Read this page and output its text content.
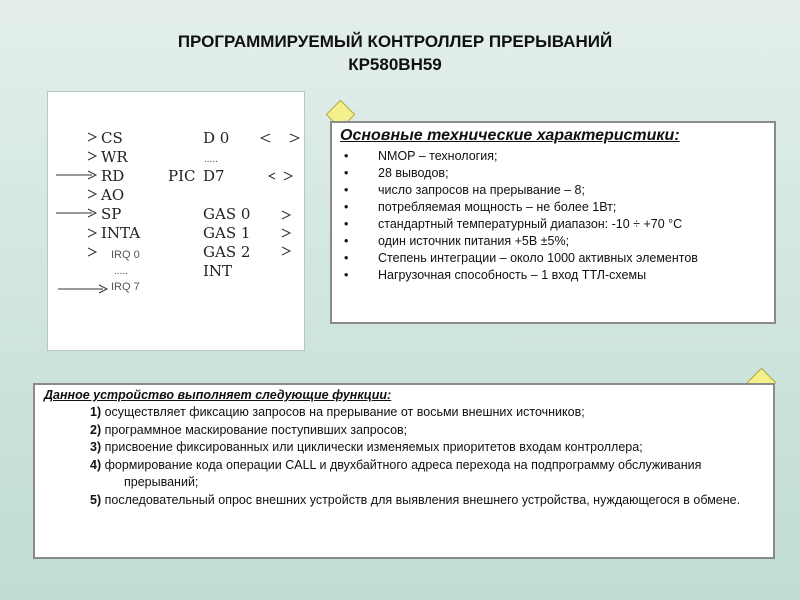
ПРОГРАММИРУЕМЫЙ КОНТРОЛЛЕР ПРЕРЫВАНИЙ
КР580ВН59
CS
WR
RD
AO
SP
INTA
PIC
D 0
.....
D7
GAS 0
GAS 1
GAS 2
INT
IRQ 0
.....
IRQ 7
Основные технические характеристики:
• NMOP – технология;
• 28 выводов;
• число запросов на прерывание – 8;
• потребляемая мощность – не более 1Вт;
• стандартный температурный диапазон: -10 ÷ +70 °С
• один источник питания +5В ±5%;
• Степень интеграции – около 1000 активных элементов
• Нагрузочная способность – 1 вход ТТЛ-схемы
Данное устройство выполняет следующие функции:
1) осуществляет фиксацию запросов на прерывание от восьми внешних источников;
2) программное маскирование поступивших запросов;
3) присвоение фиксированных или циклически изменяемых приоритетов входам контроллера;
4) формирование кода операции CALL и двухбайтного адреса перехода на подпрограмму обслуживания прерываний;
5) последовательный опрос внешних устройств для выявления внешнего устройства, нуждающегося в обмене.
